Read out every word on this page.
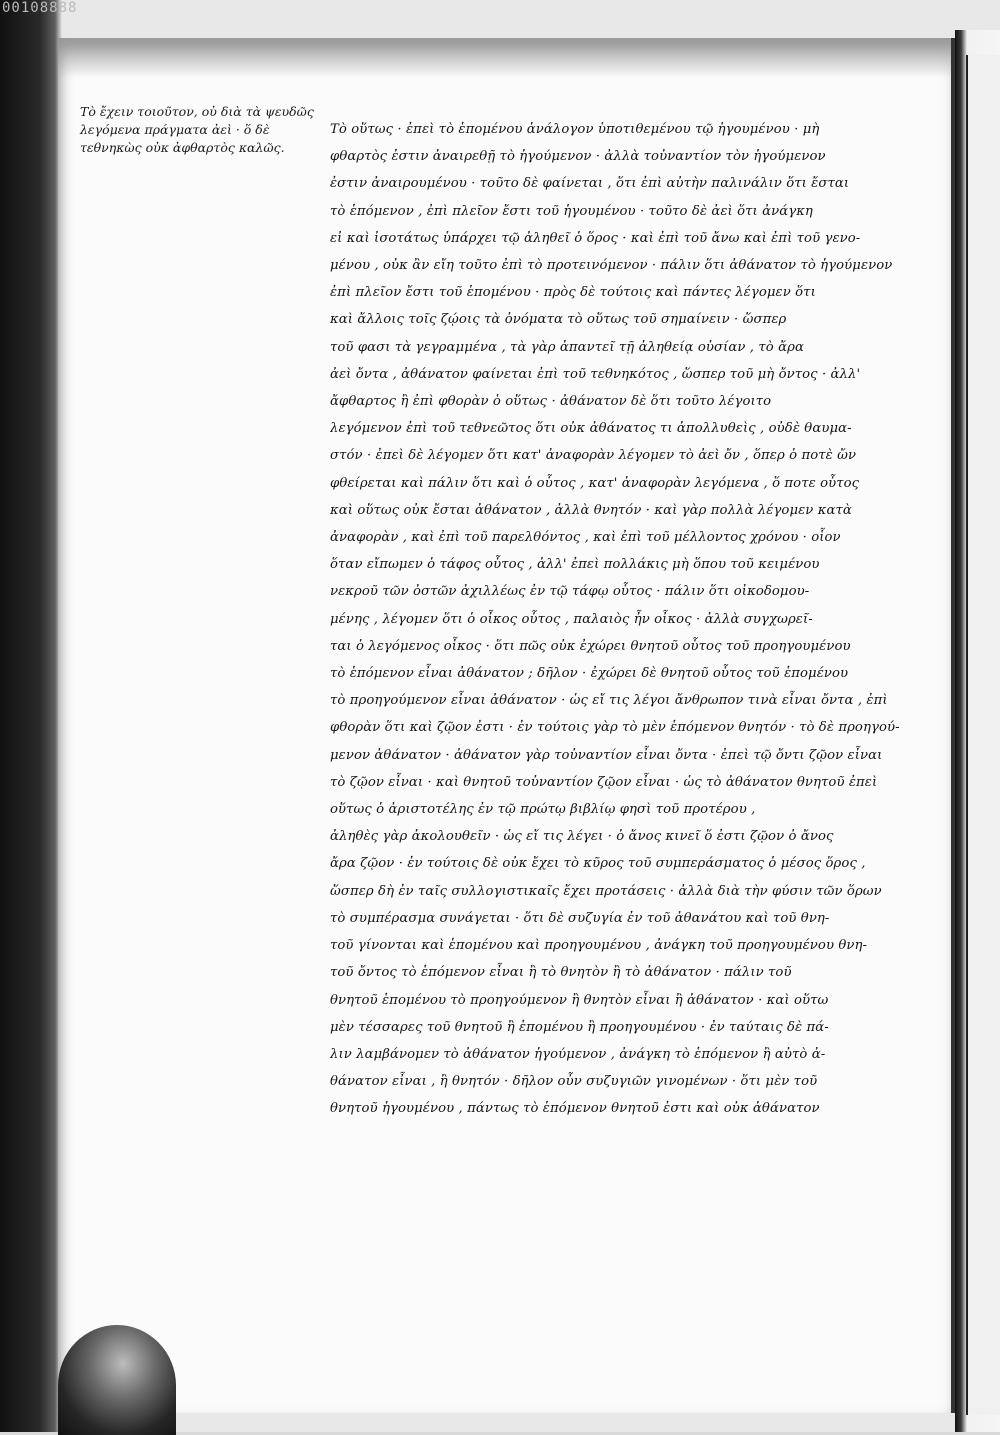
00108888
Τὸ ἔχειν τοιοῦτον, οὐ διὰ τὰ ψευδῶς
λεγόμενα πράγματα ἀεὶ · ὅ δὲ
τεθνηκὼς οὐκ ἀφθαρτὸς καλῶς.
Τὸ οὕτως · ἐπεὶ τὸ ἑπομένου ἀνάλογον ὑποτιθεμένου τῷ ἡγουμένου · μὴ
φθαρτὸς ἐστιν ἀναιρεθῇ τὸ ἡγούμενον · ἀλλὰ τοὐναντίον τὸν ἡγούμενον
ἐστιν ἀναιρουμένου · τοῦτο δὲ φαίνεται , ὅτι ἐπὶ αὐτὴν παλινάλιν ὅτι ἔσται
τὸ ἑπόμενον , ἐπὶ πλεῖον ἔστι τοῦ ἡγουμένου · τοῦτο δὲ ἀεὶ ὅτι ἀνάγκη
εἰ καὶ ἰσοτάτως ὑπάρχει τῷ ἀληθεῖ ὁ ὅρος · καὶ ἐπὶ τοῦ ἄνω καὶ ἐπὶ τοῦ γενο-
μένου , οὐκ ἂν εἴη τοῦτο ἐπὶ τὸ προτεινόμενον · πάλιν ὅτι ἀθάνατον τὸ ἡγούμενον
ἐπὶ πλεῖον ἔστι τοῦ ἑπομένου · πρὸς δὲ τούτοις καὶ πάντες λέγομεν ὅτι
καὶ ἄλλοις τοῖς ζῴοις τὰ ὀνόματα τὸ οὕτως τοῦ σημαίνειν · ὥσπερ
τοῦ φασι τὰ γεγραμμένα , τὰ γὰρ ἀπαντεῖ τῇ ἀληθείᾳ οὐσίαν , τὸ ἄρα
ἀεὶ ὄντα , ἀθάνατον φαίνεται ἐπὶ τοῦ τεθνηκότος , ὥσπερ τοῦ μὴ ὄντος · ἀλλ'
ἄφθαρτος ἢ ἐπὶ φθορὰν ὁ οὕτως · ἀθάνατον δὲ ὅτι τοῦτο λέγοιτο
λεγόμενον ἐπὶ τοῦ τεθνεῶτος ὅτι οὐκ ἀθάνατος τι ἀπολλυθεὶς , οὐδὲ θαυμα-
στόν · ἐπεὶ δὲ λέγομεν ὅτι κατ' ἀναφορὰν λέγομεν τὸ ἀεὶ ὄν , ὅπερ ὁ ποτὲ ὤν
φθείρεται καὶ πάλιν ὅτι καὶ ὁ οὗτος , κατ' ἀναφορὰν λεγόμενα , ὅ ποτε οὗτος
καὶ οὕτως οὐκ ἔσται ἀθάνατον , ἀλλὰ θνητόν · καὶ γὰρ πολλὰ λέγομεν κατὰ
ἀναφορὰν , καὶ ἐπὶ τοῦ παρελθόντος , καὶ ἐπὶ τοῦ μέλλοντος χρόνου · οἷον
ὅταν εἴπωμεν ὁ τάφος οὗτος , ἀλλ' ἐπεὶ πολλάκις μὴ ὅπου τοῦ κειμένου
νεκροῦ τῶν ὀστῶν ἀχιλλέως ἐν τῷ τάφῳ οὗτος · πάλιν ὅτι οἰκοδομου-
μένης , λέγομεν ὅτι ὁ οἶκος οὗτος , παλαιὸς ἦν οἶκος · ἀλλὰ συγχωρεῖ-
ται ὁ λεγόμενος οἶκος · ὅτι πῶς οὐκ ἐχώρει θνητοῦ οὗτος τοῦ προηγουμένου
τὸ ἑπόμενον εἶναι ἀθάνατον ; δῆλον · ἐχώρει δὲ θνητοῦ οὗτος τοῦ ἑπομένου
τὸ προηγούμενον εἶναι ἀθάνατον · ὡς εἴ τις λέγοι ἄνθρωπον τινὰ εἶναι ὄντα , ἐπὶ
φθορὰν ὅτι καὶ ζῷον ἐστι · ἐν τούτοις γὰρ τὸ μὲν ἑπόμενον θνητόν · τὸ δὲ προηγού-
μενον ἀθάνατον · ἀθάνατον γὰρ τοὐναντίον εἶναι ὄντα · ἐπεὶ τῷ ὄντι ζῷον εἶναι
τὸ ζῷον εἶναι · καὶ θνητοῦ τοὐναντίον ζῷον εἶναι · ὡς τὸ ἀθάνατον θνητοῦ ἐπεὶ
οὕτως ὁ ἀριστοτέλης ἐν τῷ πρώτῳ βιβλίῳ φησὶ τοῦ προτέρου ,
ἀληθὲς γὰρ ἀκολουθεῖν · ὡς εἴ τις λέγει · ὁ ἄνος κινεῖ ὅ ἐστι ζῷον ὁ ἄνος
ἄρα ζῷον · ἐν τούτοις δὲ οὐκ ἔχει τὸ κῦρος τοῦ συμπεράσματος ὁ μέσος ὅρος ,
ὥσπερ δὴ ἐν ταῖς συλλογιστικαῖς ἔχει προτάσεις · ἀλλὰ διὰ τὴν φύσιν τῶν ὅρων
τὸ συμπέρασμα συνάγεται · ὅτι δὲ συζυγία ἐν τοῦ ἀθανάτου καὶ τοῦ θνη-
τοῦ γίνονται καὶ ἑπομένου καὶ προηγουμένου , ἀνάγκη τοῦ προηγουμένου θνη-
τοῦ ὄντος τὸ ἑπόμενον εἶναι ἢ τὸ θνητὸν ἢ τὸ ἀθάνατον · πάλιν τοῦ
θνητοῦ ἑπομένου τὸ προηγούμενον ἢ θνητὸν εἶναι ἢ ἀθάνατον · καὶ οὕτω
μὲν τέσσαρες τοῦ θνητοῦ ἢ ἑπομένου ἢ προηγουμένου · ἐν ταύταις δὲ πά-
λιν λαμβάνομεν τὸ ἀθάνατον ἡγούμενον , ἀνάγκη τὸ ἑπόμενον ἢ αὐτὸ ἀ-
θάνατον εἶναι , ἢ θνητόν · δῆλον οὖν συζυγιῶν γινομένων · ὅτι μὲν τοῦ
θνητοῦ ἡγουμένου , πάντως τὸ ἑπόμενον θνητοῦ ἐστι καὶ οὐκ ἀθάνατον
